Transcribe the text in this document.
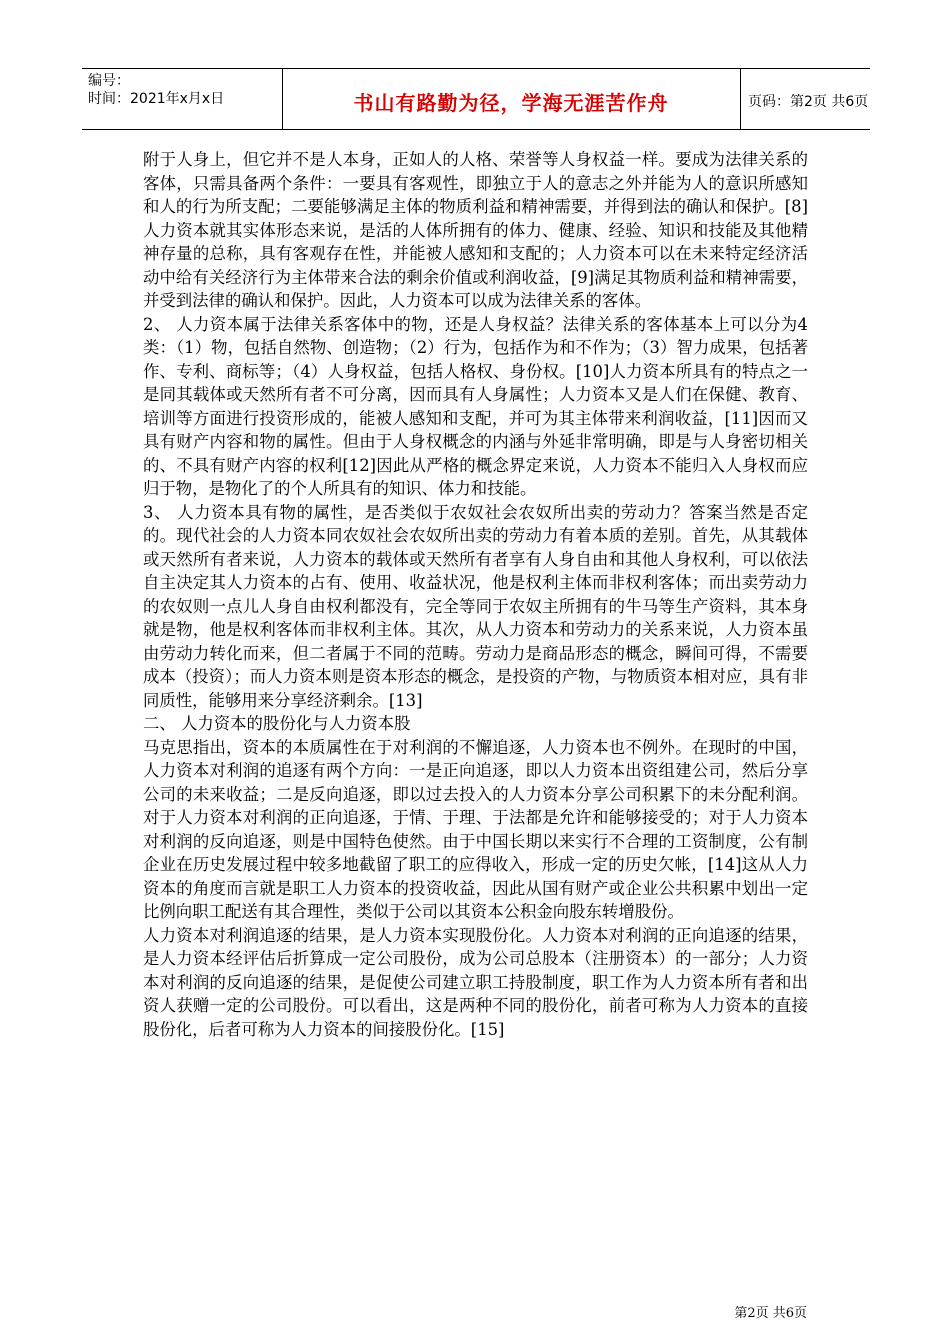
编号：
时间：2021年x月x日	书山有路勤为径，学海无涯苦作舟	页码：第2页 共6页

附于人身上，但它并不是人本身，正如人的人格、荣誉等人身权益一样。要成为法律关系的客体，只需具备两个条件：一要具有客观性，即独立于人的意志之外并能为人的意识所感知和人的行为所支配；二要能够满足主体的物质利益和精神需要，并得到法的确认和保护。[8]人力资本就其实体形态来说，是活的人体所拥有的体力、健康、经验、知识和技能及其他精神存量的总称，具有客观存在性，并能被人感知和支配的；人力资本可以在未来特定经济活动中给有关经济行为主体带来合法的剩余价值或利润收益，[9]满足其物质利益和精神需要，并受到法律的确认和保护。因此，人力资本可以成为法律关系的客体。

2、 人力资本属于法律关系客体中的物，还是人身权益？法律关系的客体基本上可以分为4类：（1）物，包括自然物、创造物；（2）行为，包括作为和不作为；（3）智力成果，包括著作、专利、商标等；（4）人身权益，包括人格权、身份权。[10]人力资本所具有的特点之一是同其载体或天然所有者不可分离，因而具有人身属性；人力资本又是人们在保健、教育、培训等方面进行投资形成的，能被人感知和支配，并可为其主体带来利润收益，[11]因而又具有财产内容和物的属性。但由于人身权概念的内涵与外延非常明确，即是与人身密切相关的、不具有财产内容的权利[12]因此从严格的概念界定来说，人力资本不能归入人身权而应归于物，是物化了的个人所具有的知识、体力和技能。

3、 人力资本具有物的属性，是否类似于农奴社会农奴所出卖的劳动力？答案当然是否定的。现代社会的人力资本同农奴社会农奴所出卖的劳动力有着本质的差别。首先，从其载体或天然所有者来说，人力资本的载体或天然所有者享有人身自由和其他人身权利，可以依法自主决定其人力资本的占有、使用、收益状况，他是权利主体而非权利客体；而出卖劳动力的农奴则一点儿人身自由权利都没有，完全等同于农奴主所拥有的牛马等生产资料，其本身就是物，他是权利客体而非权利主体。其次，从人力资本和劳动力的关系来说，人力资本虽由劳动力转化而来，但二者属于不同的范畴。劳动力是商品形态的概念，瞬间可得，不需要成本（投资）；而人力资本则是资本形态的概念，是投资的产物，与物质资本相对应，具有非同质性，能够用来分享经济剩余。[13]

二、 人力资本的股份化与人力资本股

马克思指出，资本的本质属性在于对利润的不懈追逐，人力资本也不例外。在现时的中国，人力资本对利润的追逐有两个方向：一是正向追逐，即以人力资本出资组建公司，然后分享公司的未来收益；二是反向追逐，即以过去投入的人力资本分享公司积累下的未分配利润。对于人力资本对利润的正向追逐，于情、于理、于法都是允许和能够接受的；对于人力资本对利润的反向追逐，则是中国特色使然。由于中国长期以来实行不合理的工资制度，公有制企业在历史发展过程中较多地截留了职工的应得收入，形成一定的历史欠帐，[14]这从人力资本的角度而言就是职工人力资本的投资收益，因此从国有财产或企业公共积累中划出一定比例向职工配送有其合理性，类似于公司以其资本公积金向股东转增股份。

人力资本对利润追逐的结果，是人力资本实现股份化。人力资本对利润的正向追逐的结果，是人力资本经评估后折算成一定公司股份，成为公司总股本（注册资本）的一部分；人力资本对利润的反向追逐的结果，是促使公司建立职工持股制度，职工作为人力资本所有者和出资人获赠一定的公司股份。可以看出，这是两种不同的股份化，前者可称为人力资本的直接股份化，后者可称为人力资本的间接股份化。[15]

第2页 共6页
